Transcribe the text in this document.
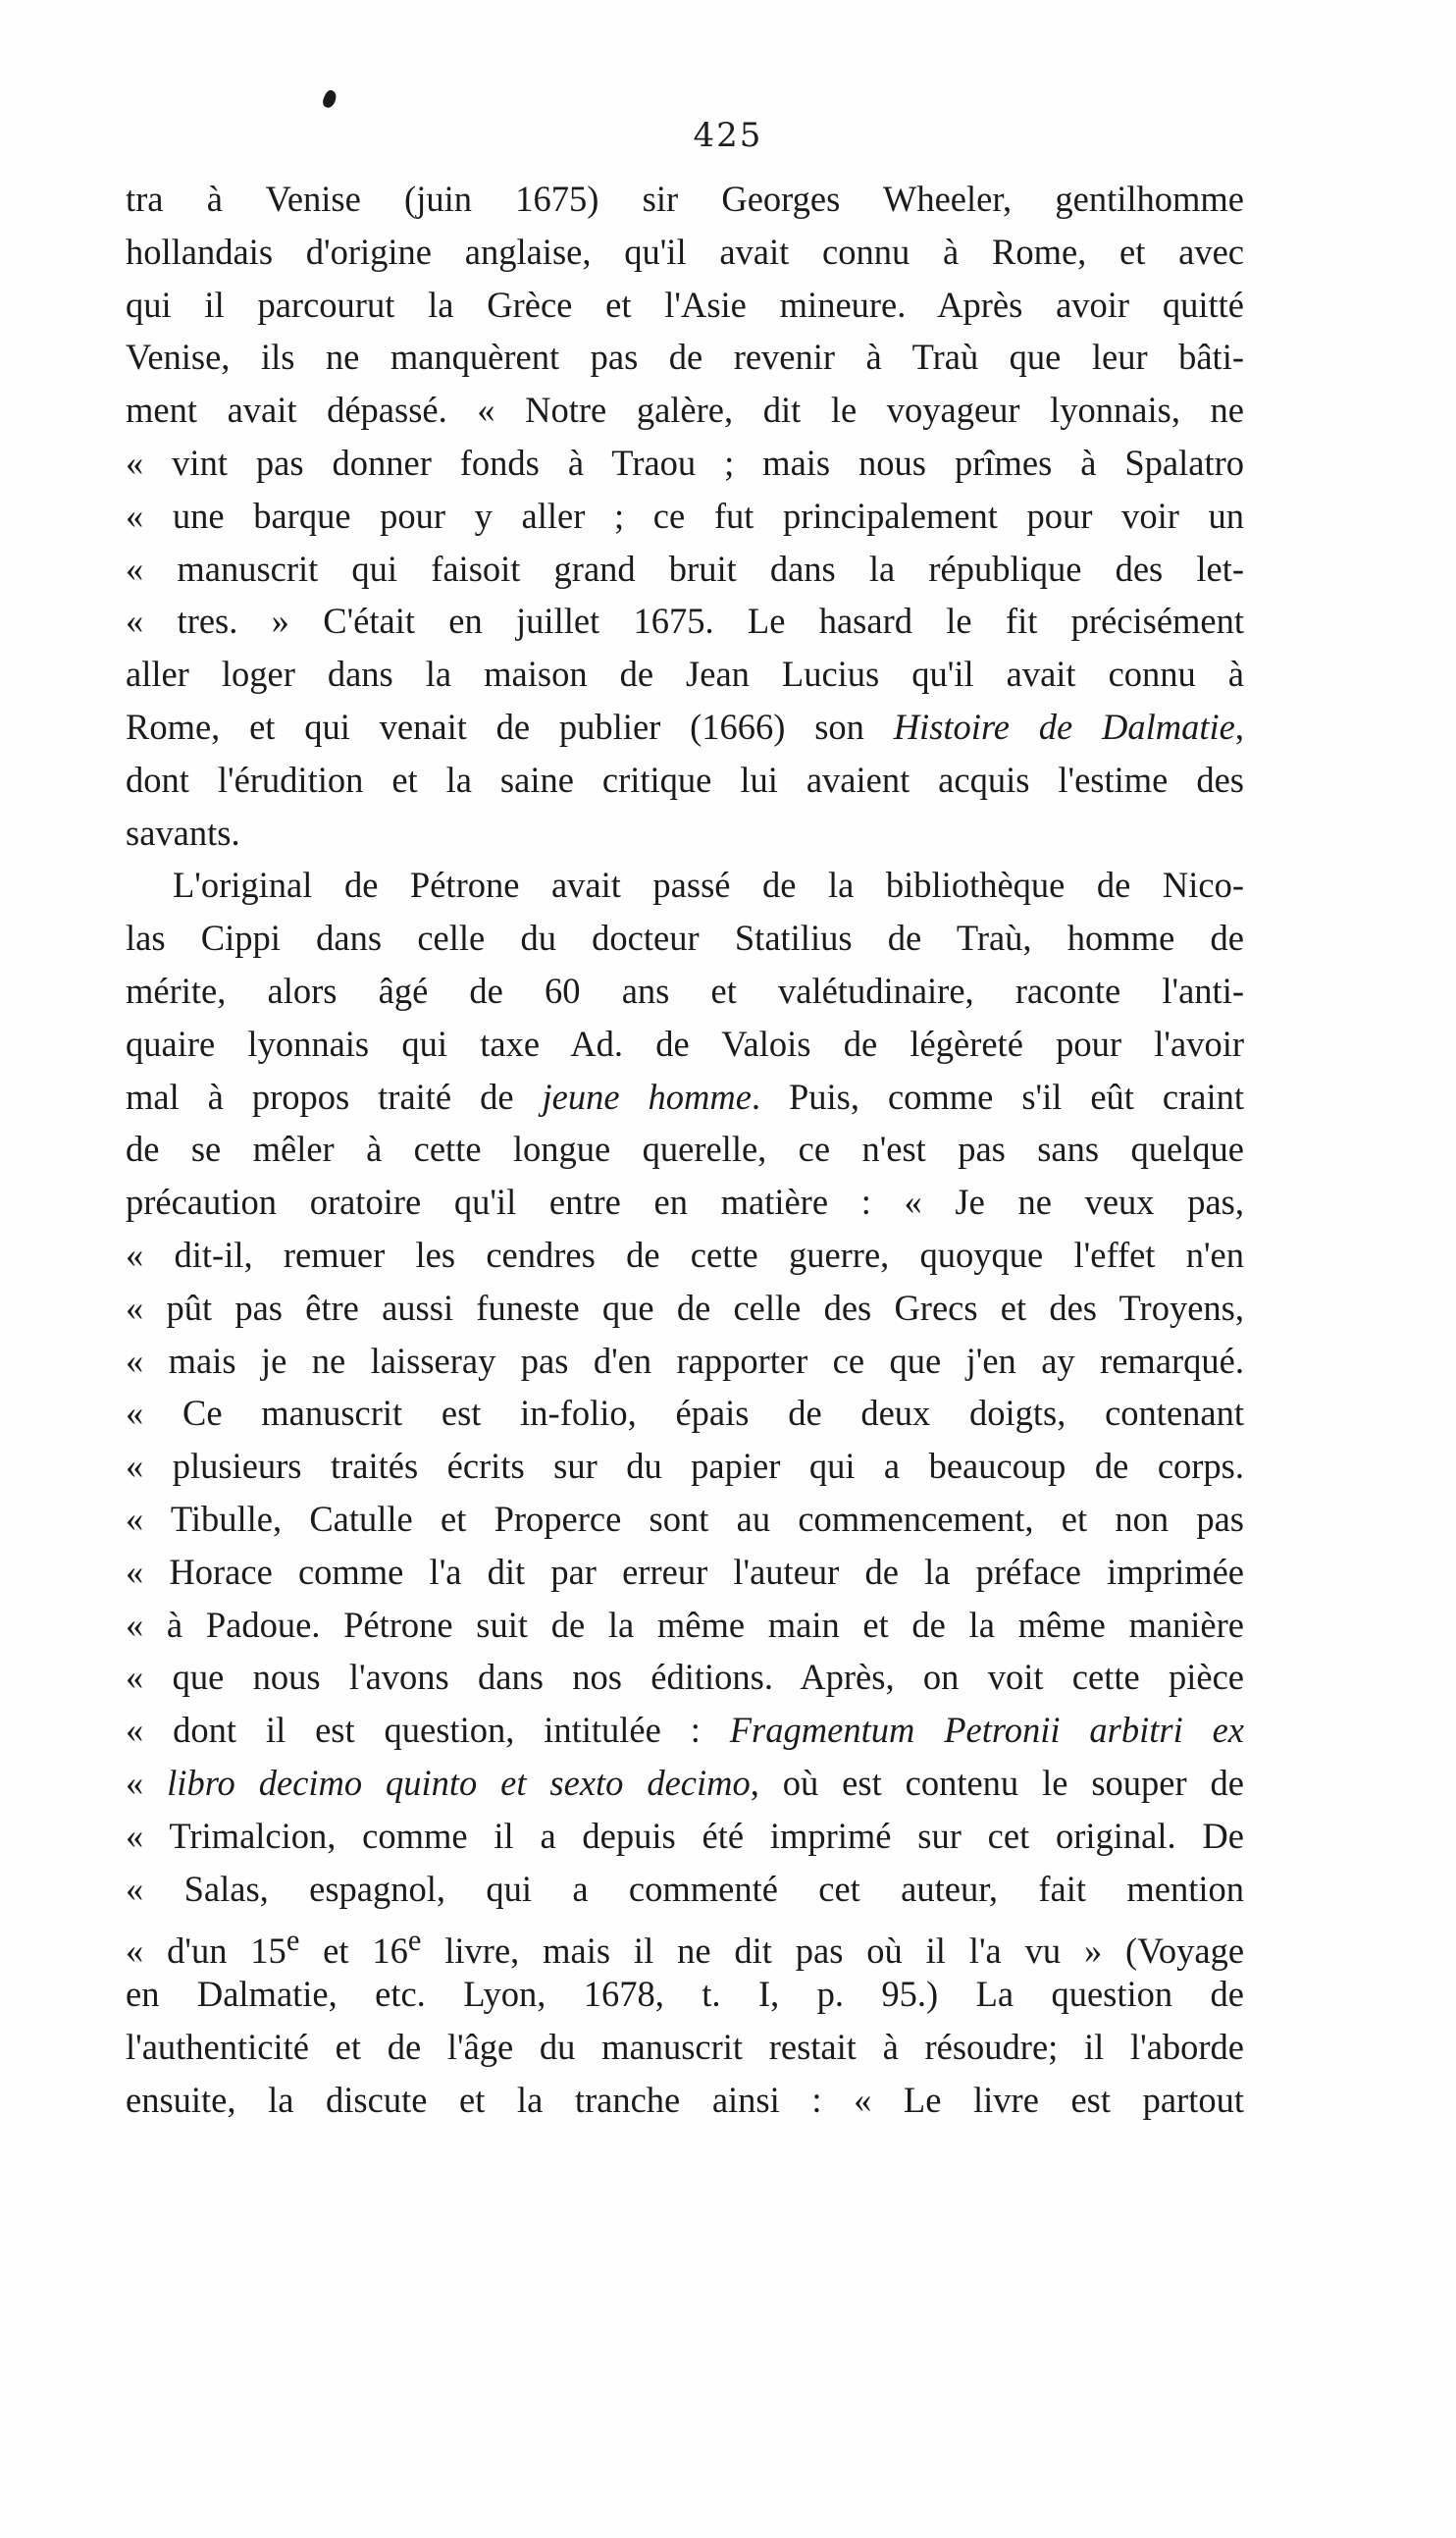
425
tra à Venise (juin 1675) sir Georges Wheeler, gentilhomme
hollandais d'origine anglaise, qu'il avait connu à Rome, et avec
qui il parcourut la Grèce et l'Asie mineure. Après avoir quitté
Venise, ils ne manquèrent pas de revenir à Traù que leur bâti-
ment avait dépassé. « Notre galère, dit le voyageur lyonnais, ne
« vint pas donner fonds à Traou ; mais nous prîmes à Spalatro
« une barque pour y aller ; ce fut principalement pour voir un
« manuscrit qui faisoit grand bruit dans la république des let-
« tres. » C'était en juillet 1675. Le hasard le fit précisément
aller loger dans la maison de Jean Lucius qu'il avait connu à
Rome, et qui venait de publier (1666) son Histoire de Dalmatie,
dont l'érudition et la saine critique lui avaient acquis l'estime des
savants.
L'original de Pétrone avait passé de la bibliothèque de Nico-
las Cippi dans celle du docteur Statilius de Traù, homme de
mérite, alors âgé de 60 ans et valétudinaire, raconte l'anti-
quaire lyonnais qui taxe Ad. de Valois de légèreté pour l'avoir
mal à propos traité de jeune homme. Puis, comme s'il eût craint
de se mêler à cette longue querelle, ce n'est pas sans quelque
précaution oratoire qu'il entre en matière : « Je ne veux pas,
« dit-il, remuer les cendres de cette guerre, quoyque l'effet n'en
« pût pas être aussi funeste que de celle des Grecs et des Troyens,
« mais je ne laisseray pas d'en rapporter ce que j'en ay remarqué.
« Ce manuscrit est in-folio, épais de deux doigts, contenant
« plusieurs traités écrits sur du papier qui a beaucoup de corps.
« Tibulle, Catulle et Properce sont au commencement, et non pas
« Horace comme l'a dit par erreur l'auteur de la préface imprimée
« à Padoue. Pétrone suit de la même main et de la même manière
« que nous l'avons dans nos éditions. Après, on voit cette pièce
« dont il est question, intitulée : Fragmentum Petronii arbitri ex
« libro decimo quinto et sexto decimo, où est contenu le souper de
« Trimalcion, comme il a depuis été imprimé sur cet original. De
« Salas, espagnol, qui a commenté cet auteur, fait mention
« d'un 15e et 16e livre, mais il ne dit pas où il l'a vu » (Voyage
en Dalmatie, etc. Lyon, 1678, t. I, p. 95.) La question de
l'authenticité et de l'âge du manuscrit restait à résoudre; il l'aborde
ensuite, la discute et la tranche ainsi : « Le livre est partout
